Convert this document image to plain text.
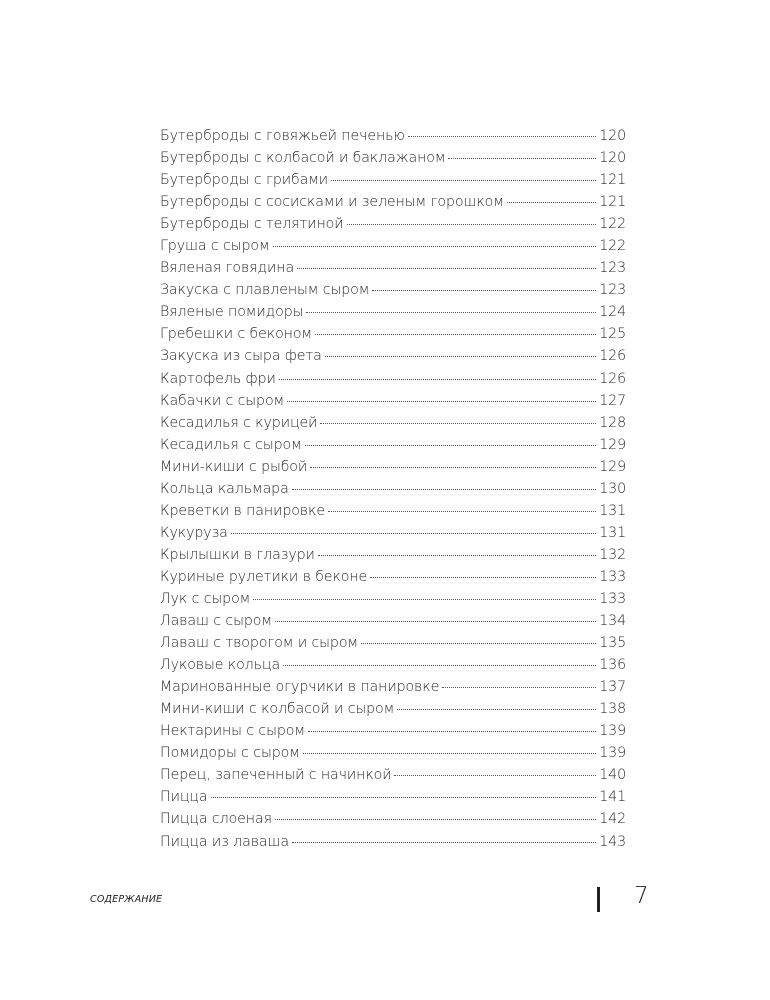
Бутерброды с говяжьей печенью	120
Бутерброды с колбасой и баклажаном	120
Бутерброды с грибами	121
Бутерброды с сосисками и зеленым горошком	121
Бутерброды с телятиной	122
Груша с сыром	122
Вяленая говядина	123
Закуска с плавленым сыром	123
Вяленые помидоры	124
Гребешки с беконом	125
Закуска из сыра фета	126
Картофель фри	126
Кабачки с сыром	127
Кесадилья с курицей	128
Кесадилья с сыром	129
Мини-киши с рыбой	129
Кольца кальмара	130
Креветки в панировке	131
Кукуруза	131
Крылышки в глазури	132
Куриные рулетики в беконе	133
Лук с сыром	133
Лаваш с сыром	134
Лаваш с творогом и сыром	135
Луковые кольца	136
Маринованные огурчики в панировке	137
Мини-киши с колбасой и сыром	138
Нектарины с сыром	139
Помидоры с сыром	139
Перец, запеченный с начинкой	140
Пицца	141
Пицца слоеная	142
Пицца из лаваша	143
СОДЕРЖАНИЕ	7
